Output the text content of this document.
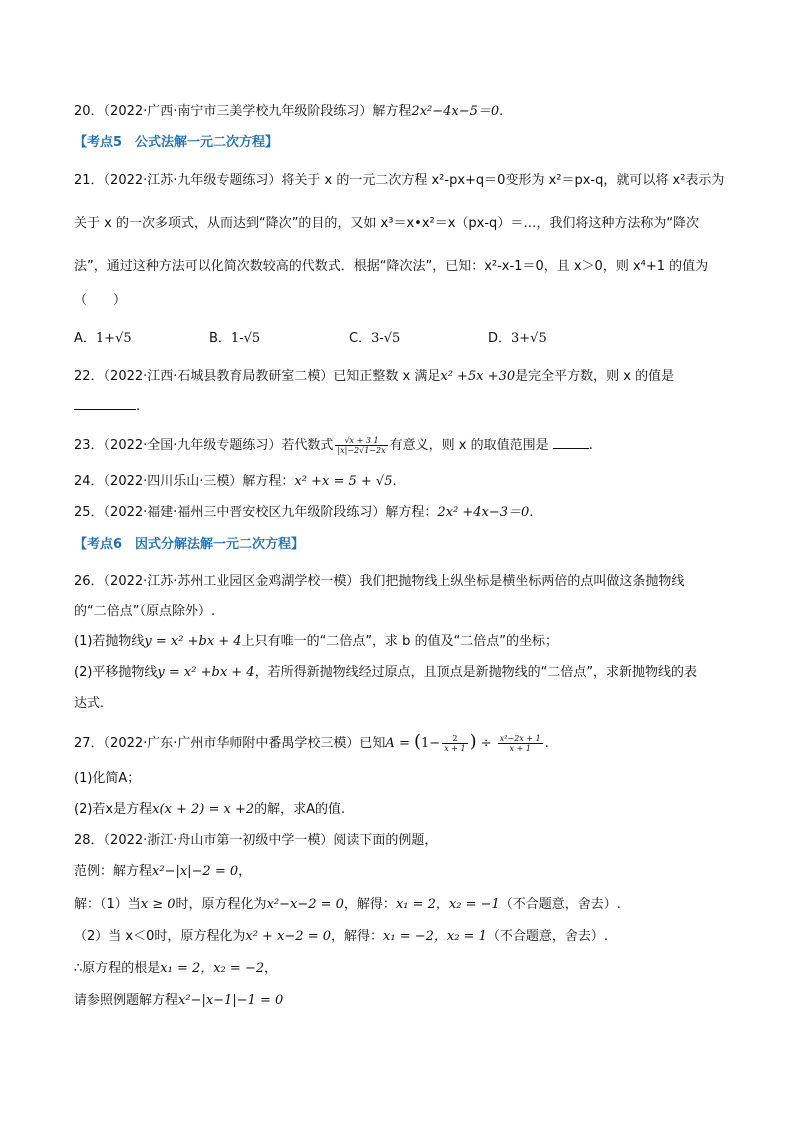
20．（2022·广西·南宁市三美学校九年级阶段练习）解方程2x²−4x−5＝0.
【考点5　公式法解一元二次方程】
21．（2022·江苏·九年级专题练习）将关于 x 的一元二次方程 x²-px+q＝0变形为 x²＝px-q，就可以将 x²表示为
关于 x 的一次多项式，从而达到“降次”的目的，又如 x³＝x•x²＝x（px-q）＝…，我们将这种方法称为“降次
法”，通过这种方法可以化简次数较高的代数式．根据“降次法”，已知：x²-x-1＝0，且 x＞0，则 x⁴+1 的值为
（　　）
A．1+√5	B．1-√5	C．3-√5	D．3+√5
22．（2022·江西·石城县教育局教研室二模）已知正整数 x 满足x² +5x +30是完全平方数，则 x 的值是
.
23．（2022·全国·九年级专题练习）若代数式 $\frac{√x + 3 1}{|x|-2√1-2x}$ 有意义，则 x 的取值范围是	.
24．（2022·四川乐山·三模）解方程：x² +x = 5 + √5.
25．（2022·福建·福州三中晋安校区九年级阶段练习）解方程：2x² +4x−3＝0.
【考点6　因式分解法解一元二次方程】
26．（2022·江苏·苏州工业园区金鸡湖学校一模）我们把抛物线上纵坐标是横坐标两倍的点叫做这条抛物线
的“二倍点”（原点除外）.
(1)若抛物线y = x² +bx + 4上只有唯一的“二倍点”，求 b 的值及“二倍点”的坐标；
(2)平移抛物线y = x² +bx + 4，若所得新抛物线经过原点，且顶点是新抛物线的“二倍点”，求新抛物线的表
达式．
27．（2022·广东·广州市华师附中番禺学校三模）已知$A = (1- \frac{2}{x + 1}$ ) ÷ $\frac{\text{x²−2x + 1}}{x + 1}$ .
(1)化简A；
(2)若x是方程x(x + 2) = x +2的解，求A的值.
28．（2022·浙江·舟山市第一初级中学一模）阅读下面的例题，
范例：解方程x²−|x|−2 = 0，
解：（1）当x ≥ 0时，原方程化为x²−x−2 = 0，解得：x₁ = 2，x₂ = −1（不合题意，舍去）.
（2）当 x＜0时，原方程化为x² + x−2 = 0，解得：x₁ = −2，x₂ = 1（不合题意，舍去）.
∴原方程的根是x₁ = 2，x₂ = −2，
请参照例题解方程x²−|x−1|−1 = 0
